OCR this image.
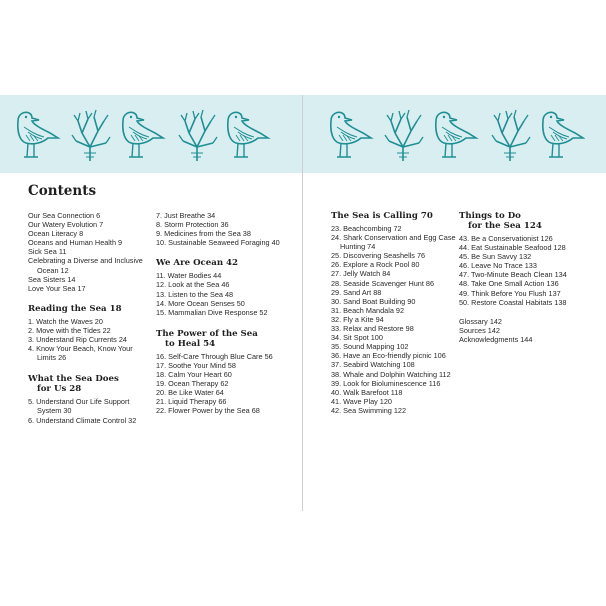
Contents
Our Sea Connection 6
Our Watery Evolution 7
Ocean Literacy 8
Oceans and Human Health 9
Sick Sea 11
Celebrating a Diverse and Inclusive
Ocean 12
Sea Sisters 14
Love Your Sea 17
Reading the Sea 18
1. Watch the Waves 20
2. Move with the Tides 22
3. Understand Rip Currents 24
4. Know Your Beach, Know Your
Limits 26
What the Sea Does
for Us 28
5. Understand Our Life Support
System 30
6. Understand Climate Control 32
7. Just Breathe 34
8. Storm Protection 36
9. Medicines from the Sea 38
10. Sustainable Seaweed Foraging 40
We Are Ocean 42
11. Water Bodies 44
12. Look at the Sea 46
13. Listen to the Sea 48
14. More Ocean Senses 50
15. Mammalian Dive Response 52
The Power of the Sea
to Heal 54
16. Self-Care Through Blue Care 56
17. Soothe Your Mind 58
18. Calm Your Heart 60
19. Ocean Therapy 62
20. Be Like Water 64
21. Liquid Therapy 66
22. Flower Power by the Sea 68
The Sea is Calling 70
23. Beachcombing 72
24. Shark Conservation and Egg Case
Hunting 74
25. Discovering Seashells 76
26. Explore a Rock Pool 80
27. Jelly Watch 84
28. Seaside Scavenger Hunt 86
29. Sand Art 88
30. Sand Boat Building 90
31. Beach Mandala 92
32. Fly a Kite 94
33. Relax and Restore 98
34. Sit Spot 100
35. Sound Mapping 102
36. Have an Eco-friendly picnic 106
37. Seabird Watching 108
38. Whale and Dolphin Watching 112
39. Look for Bioluminescence 116
40. Walk Barefoot 118
41. Wave Play 120
42. Sea Swimming 122
Things to Do
for the Sea 124
43. Be a Conservationist 126
44. Eat Sustainable Seafood 128
45. Be Sun Savvy 132
46. Leave No Trace 133
47. Two-Minute Beach Clean 134
48. Take One Small Action 136
49. Think Before You Flush 137
50. Restore Coastal Habitats 138
Glossary 142
Sources 142
Acknowledgments 144
